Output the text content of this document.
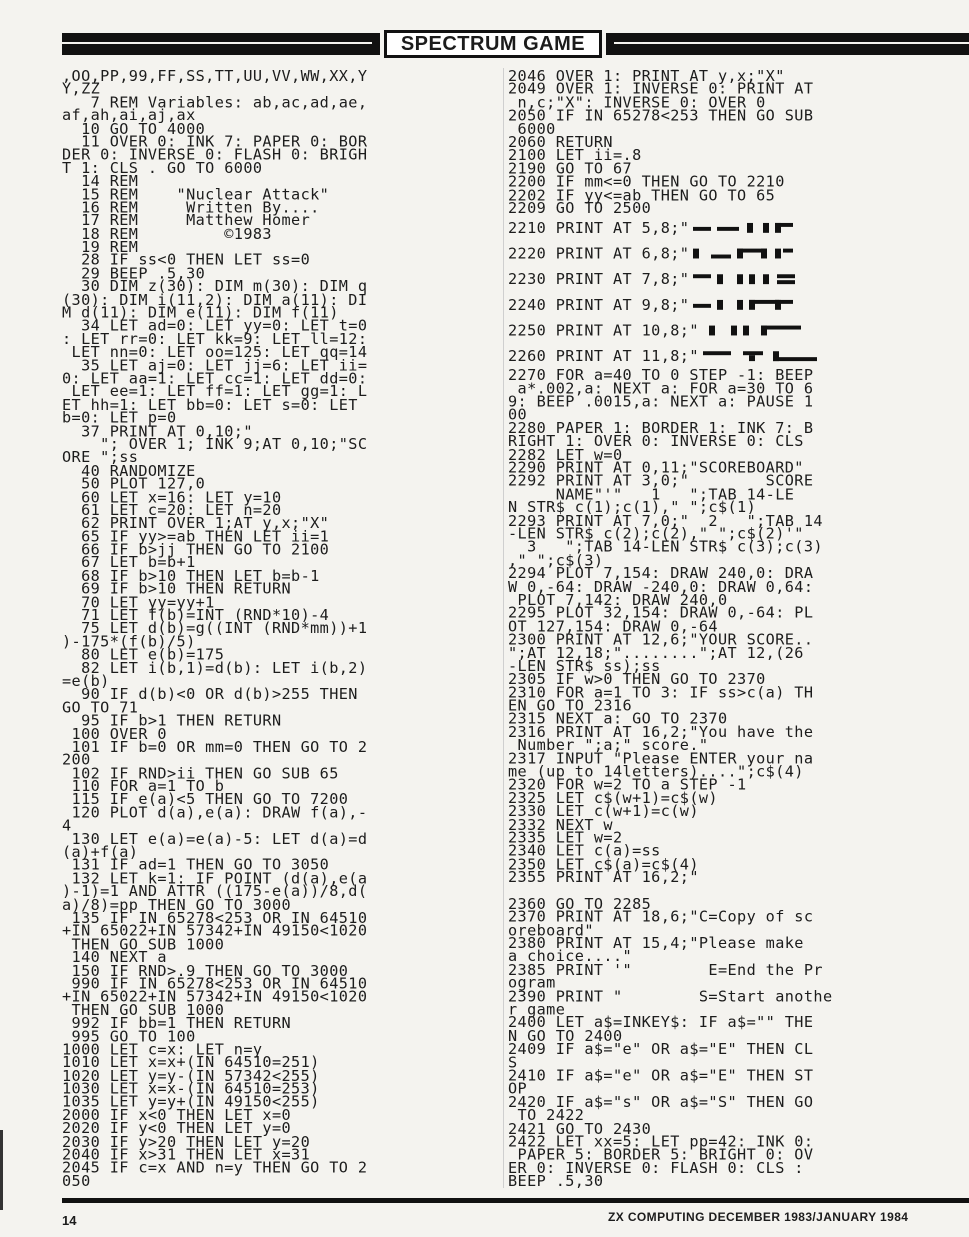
SPECTRUM GAME
,OO,PP,99,FF,SS,TT,UU,VV,WW,XX,Y
Y,ZZ
7 REM Variables: ab,ac,ad,ae,
af,ah,ai,aj,ax
10 GO TO 4000
11 OVER 0: INK 7: PAPER 0: BOR
DER 0: INVERSE 0: FLASH 0: BRIGH
T 1: CLS . GO TO 6000
14 REM
15 REM    "Nuclear Attack"
16 REM     Written By....
17 REM     Matthew Homer
18 REM         ©1983
19 REM
28 IF ss<0 THEN LET ss=0
29 BEEP .5,30
30 DIM z(30): DIM m(30): DIM q
(30): DIM i(11,2): DIM a(11): DI
M d(11): DIM e(11): DIM f(11)
34 LET ad=0: LET yy=0: LET t=0
: LET rr=0: LET kk=9: LET ll=12:
LET nn=0: LET oo=125: LET qq=14
35 LET aj=0: LET jj=6: LET ii=
0: LET aa=1: LET cc=1: LET dd=0:
LET ee=1: LET ff=1: LET gg=1: L
ET hh=1: LET bb=0: LET s=0: LET
b=0: LET p=0
37 PRINT AT 0,10;"
"; OVER 1; INK 9;AT 0,10;"SC
ORE ";ss
40 RANDOMIZE
50 PLOT 127,0
60 LET x=16: LET y=10
61 LET c=20: LET n=20
62 PRINT OVER 1;AT y,x;"X"
65 IF yy>=ab THEN LET ii=1
66 IF b>jj THEN GO TO 2100
67 LET b=b+1
68 IF b>10 THEN LET b=b-1
69 IF b>10 THEN RETURN
70 LET yy=yy+1
71 LET f(b)=INT (RND*10)-4
75 LET d(b)=g((INT (RND*mm))+1
)-175*(f(b)/5)
80 LET e(b)=175
82 LET i(b,1)=d(b): LET i(b,2)
=e(b)
90 IF d(b)<0 OR d(b)>255 THEN
GO TO 71
95 IF b>1 THEN RETURN
100 OVER 0
101 IF b=0 OR mm=0 THEN GO TO 2
200
102 IF RND>ii THEN GO SUB 65
110 FOR a=1 TO b
115 IF e(a)<5 THEN GO TO 7200
120 PLOT d(a),e(a): DRAW f(a),-
4
130 LET e(a)=e(a)-5: LET d(a)=d
(a)+f(a)
131 IF ad=1 THEN GO TO 3050
132 LET k=1: IF POINT (d(a),e(a
)-1)=1 AND ATTR ((175-e(a))/8,d(
a)/8)=pp THEN GO TO 3000
135 IF IN 65278<253 OR IN 64510
+IN 65022+IN 57342+IN 49150<1020
THEN GO SUB 1000
140 NEXT a
150 IF RND>.9 THEN GO TO 3000
990 IF IN 65278<253 OR IN 64510
+IN 65022+IN 57342+IN 49150<1020
THEN GO SUB 1000
992 IF bb=1 THEN RETURN
995 GO TO 100
1000 LET c=x: LET n=y
1010 LET x=x+(IN 64510=251)
1020 LET y=y-(IN 57342<255)
1030 LET x=x-(IN 64510=253)
1035 LET y=y+(IN 49150<255)
2000 IF x<0 THEN LET x=0
2020 IF y<0 THEN LET y=0
2030 IF y>20 THEN LET y=20
2040 IF x>31 THEN LET x=31
2045 IF c=x AND n=y THEN GO TO 2
050
2046 OVER 1: PRINT AT y,x;"X"
2049 OVER 1: INVERSE 0: PRINT AT
n,c;"X": INVERSE 0: OVER 0
2050 IF IN 65278<253 THEN GO SUB
6000
2060 RETURN
2100 LET ii=.8
2190 GO TO 67
2200 IF mm<=0 THEN GO TO 2210
2202 IF yy<=ab THEN GO TO 65
2209 GO TO 2500
2210 PRINT AT 5,8;"
2220 PRINT AT 6,8;"
2230 PRINT AT 7,8;"
2240 PRINT AT 9,8;"
2250 PRINT AT 10,8;"
2260 PRINT AT 11,8;"
2270 FOR a=40 TO 0 STEP -1: BEEP
a*.002,a: NEXT a: FOR a=30 TO 6
9: BEEP .0015,a: NEXT a: PAUSE 1
00
2280 PAPER 1: BORDER 1: INK 7: B
RIGHT 1: OVER 0: INVERSE 0: CLS
2282 LET w=0
2290 PRINT AT 0,11;"SCOREBOARD"
2292 PRINT AT 3,0;"        SCORE
NAME"'"   1   ";TAB 14-LE
N STR$ c(1);c(1)," ";c$(1)
2293 PRINT AT 7,0;"  2   ";TAB 14
-LEN STR$ c(2);c(2)," ";c$(2)'"
3   ";TAB 14-LEN STR$ c(3);c(3)
," ";c$(3)
2294 PLOT 7,154: DRAW 240,0: DRA
W 0,-64: DRAW -240,0: DRAW 0,64:
PLOT 7,142: DRAW 240,0
2295 PLOT 32,154: DRAW 0,-64: PL
OT 127,154: DRAW 0,-64
2300 PRINT AT 12,6;"YOUR SCORE..
";AT 12,18;"........";AT 12,(26
-LEN STR$ ss);ss
2305 IF w>0 THEN GO TO 2370
2310 FOR a=1 TO 3: IF ss>c(a) TH
EN GO TO 2316
2315 NEXT a: GO TO 2370
2316 PRINT AT 16,2;"You have the
Number ";a;" score."
2317 INPUT "Please ENTER your na
me (up to 14letters)....";c$(4)
2320 FOR w=2 TO a STEP -1
2325 LET c$(w+1)=c$(w)
2330 LET c(w+1)=c(w)
2332 NEXT w
2335 LET w=2
2340 LET c(a)=ss
2350 LET c$(a)=c$(4)
2355 PRINT AT 16,2;"
2360 GO TO 2285
2370 PRINT AT 18,6;"C=Copy of sc
oreboard"
2380 PRINT AT 15,4;"Please make
a choice...."
2385 PRINT '"        E=End the Pr
ogram
2390 PRINT "        S=Start anothe
r game
2400 LET a$=INKEY$: IF a$="" THE
N GO TO 2400
2409 IF a$="e" OR a$="E" THEN CL
S
2410 IF a$="e" OR a$="E" THEN ST
OP
2420 IF a$="s" OR a$="S" THEN GO
TO 2422
2421 GO TO 2430
2422 LET xx=5: LET pp=42: INK 0:
PAPER 5: BORDER 5: BRIGHT 0: OV
ER 0: INVERSE 0: FLASH 0: CLS :
BEEP .5,30
14	ZX COMPUTING DECEMBER 1983/JANUARY 1984
